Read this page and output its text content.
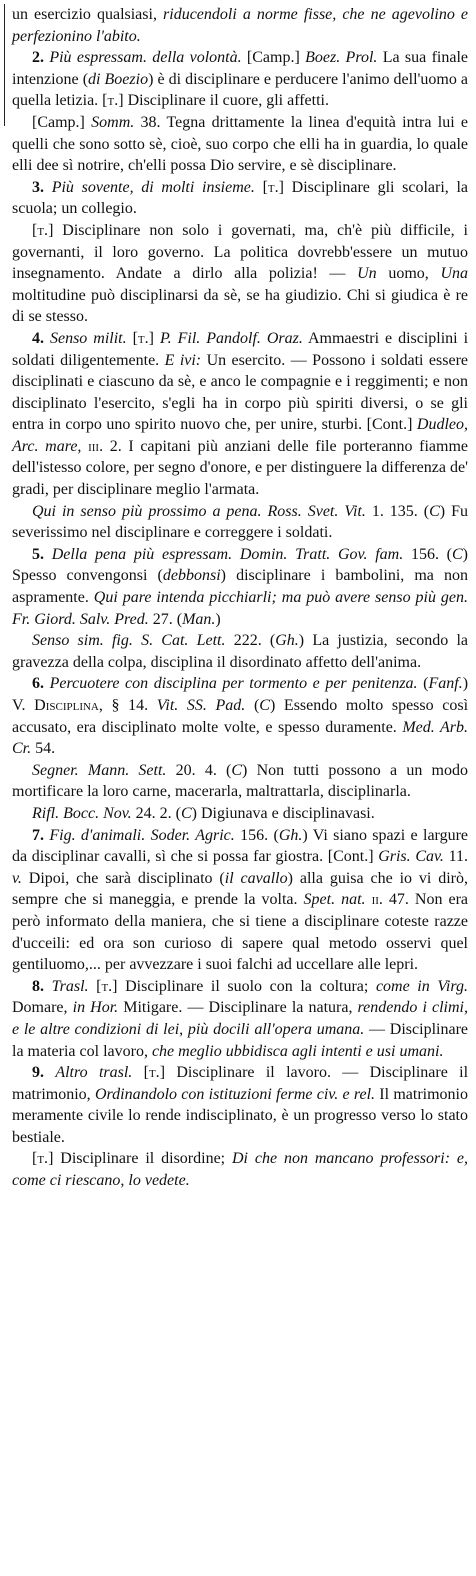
un esercizio qualsiasi, riducendoli a norme fisse, che ne agevolino e perfezionino l'abito.

2. Più espressam. della volontà. [Camp.] Boez. Prol. La sua finale intenzione (di Boezio) è di disciplinare e perducere l'animo dell'uomo a quella letizia. [t.] Disciplinare il cuore, gli affetti.

[Camp.] Somm. 38. Tegna drittamente la linea d'equità intra lui e quelli che sono sotto sè, cioè, suo corpo che elli ha in guardia, lo quale elli dee sì notrire, ch'elli possa Dio servire, e sè disciplinare.

3. Più sovente, di molti insieme. [t.] Disciplinare gli scolari, la scuola; un collegio.

[t.] Disciplinare non solo i governati, ma, ch'è più difficile, i governanti, il loro governo. La politica dovrebb'essere un mutuo insegnamento. Andate a dirlo alla polizia! — Un uomo, Una moltitudine può disciplinarsi da sè, se ha giudizio. Chi si giudica è re di se stesso.

4. Senso milit. [t.] P. Fil. Pandolf. Oraz. Ammaestri e disciplini i soldati diligentemente. E ivi: Un esercito. — Possono i soldati essere disciplinati e ciascuno da sè, e anco le compagnie e i reggimenti; e non disciplinato l'esercito, s'egli ha in corpo più spiriti diversi, o se gli entra in corpo uno spirito nuovo che, per unire, sturbi. [Cont.] Dudleo, Arc. mare, iii. 2. I capitani più anziani delle file porteranno fiamme dell'istesso colore, per segno d'onore, e per distinguere la differenza de' gradi, per disciplinare meglio l'armata.

Qui in senso più prossimo a pena. Ross. Svet. Vit. 1. 135. (C) Fu severissimo nel disciplinare e correggere i soldati.

5. Della pena più espressam. Domin. Tratt. Gov. fam. 156. (C) Spesso convengonsi (debbonsi) disciplinare i bambolini, ma non aspramente. Qui pare intenda picchiarli; ma può avere senso più gen. Fr. Giord. Salv. Pred. 27. (Man.)

Senso sim. fig. S. Cat. Lett. 222. (Gh.) La justizia, secondo la gravezza della colpa, disciplina il disordinato affetto dell'anima.

6. Percuotere con disciplina per tormento e per penitenza. (Fanf.) V. Disciplina, § 14. Vit. SS. Pad. (C) Essendo molto spesso così accusato, era disciplinato molte volte, e spesso duramente. Med. Arb. Cr. 54.

Segner. Mann. Sett. 20. 4. (C) Non tutti possono a un modo mortificare la loro carne, macerarla, maltrattarla, disciplinarla.

Rifl. Bocc. Nov. 24. 2. (C) Digiunava e disciplinavasi.

7. Fig. d'animali. Soder. Agric. 156. (Gh.) Vi siano spazi e largure da disciplinar cavalli, sì che si possa far giostra. [Cont.] Gris. Cav. 11. v. Dipoi, che sarà disciplinato (il cavallo) alla guisa che io vi dirò, sempre che si maneggia, e prende la volta. Spet. nat. ii. 47. Non era però informato della maniera, che si tiene a disciplinare coteste razze d'ucceili: ed ora son curioso di sapere qual metodo osservi quel gentiluomo,... per avvezzare i suoi falchi ad uccellare alle lepri.

8. Trasl. [t.] Disciplinare il suolo con la coltura; come in Virg. Domare, in Hor. Mitigare. — Disciplinare la natura, rendendo i climi, e le altre condizioni di lei, più docili all'opera umana. — Disciplinare la materia col lavoro, che meglio ubbidisca agli intenti e usi umani.

9. Altro trasl. [t.] Disciplinare il lavoro. — Disciplinare il matrimonio, Ordinandolo con istituzioni ferme civ. e rel. Il matrimonio meramente civile lo rende indisciplinato, è un progresso verso lo stato bestiale.

[t.] Disciplinare il disordine; Di che non mancano professori: e, come ci riescano, lo vedete.
